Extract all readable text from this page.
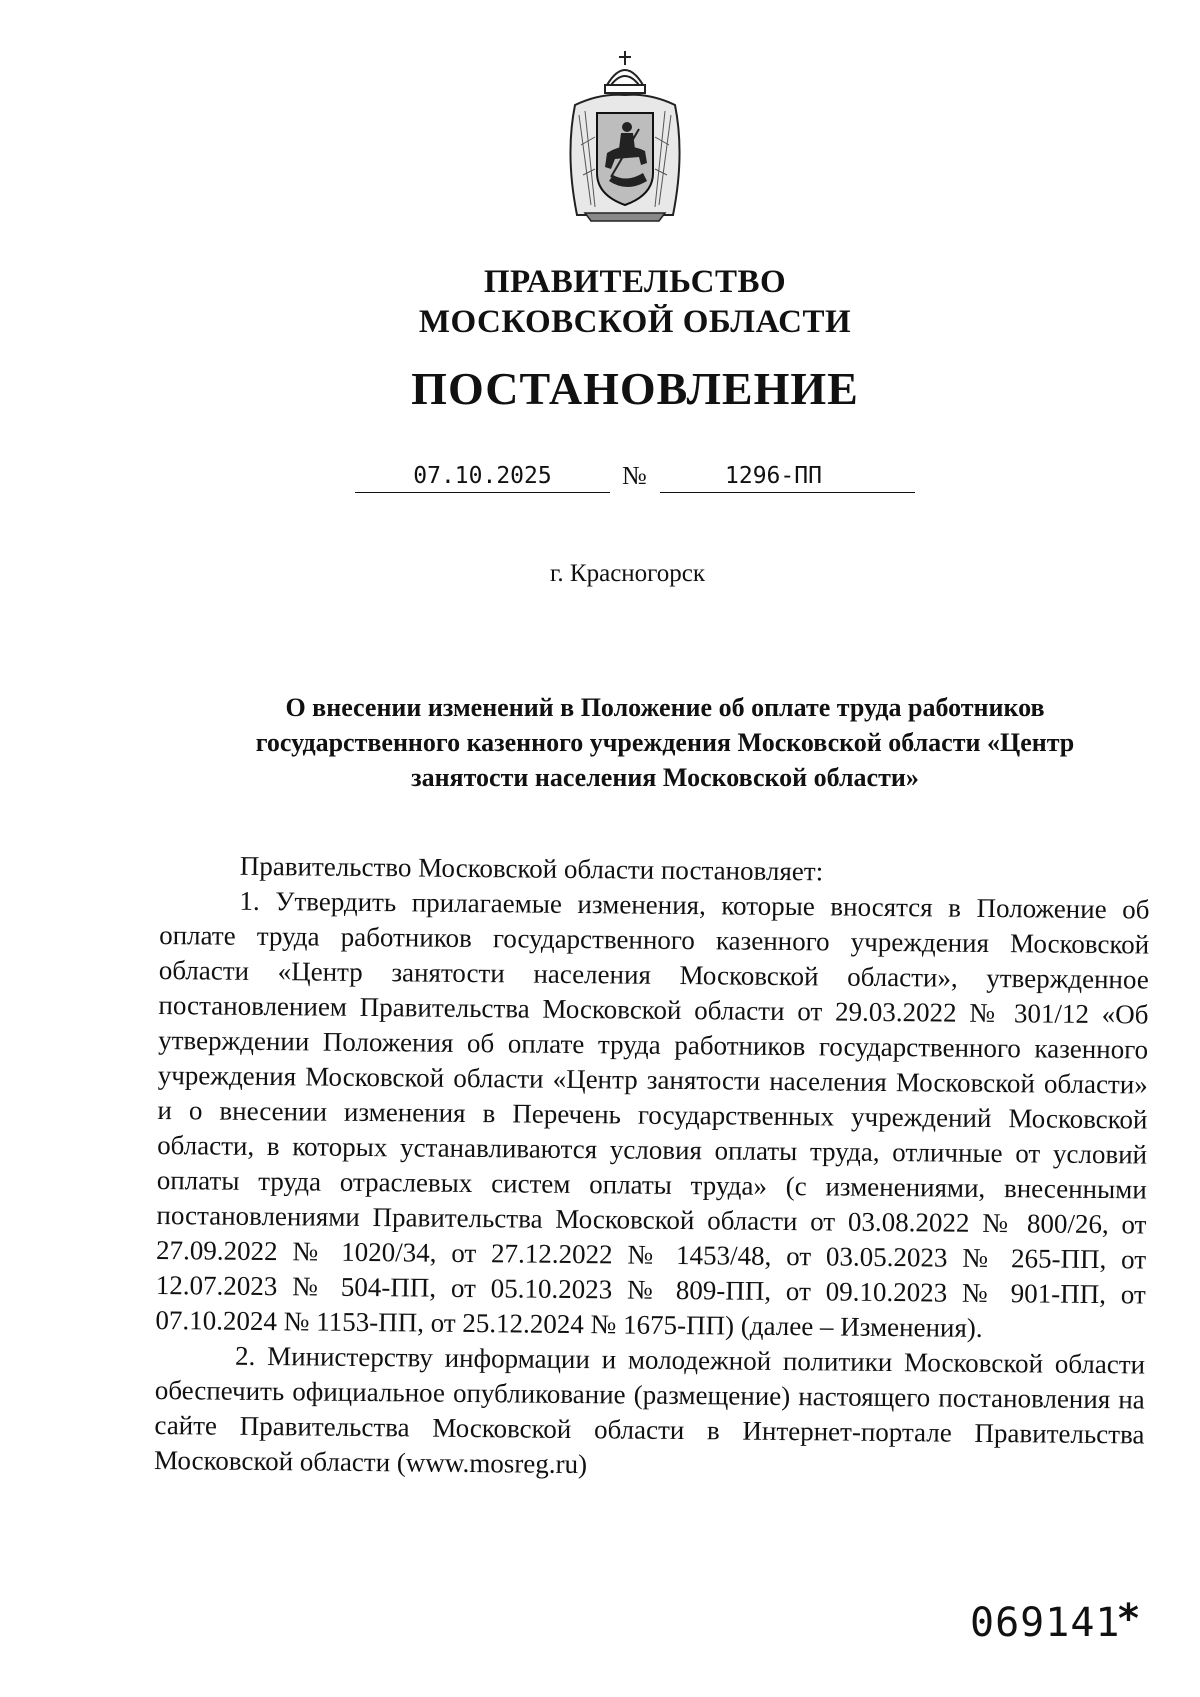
ПРАВИТЕЛЬСТВО
МОСКОВСКОЙ ОБЛАСТИ
ПОСТАНОВЛЕНИЕ
07.10.2025	№	1296-ПП
г. Красногорск
О внесении изменений в Положение об оплате труда работников государственного казенного учреждения Московской области «Центр занятости населения Московской области»

Правительство Московской области постановляет:

1. Утвердить прилагаемые изменения, которые вносятся в Положение об оплате труда работников государственного казенного учреждения Московской области «Центр занятости населения Московской области», утвержденное постановлением Правительства Московской области от 29.03.2022 № 301/12 «Об утверждении Положения об оплате труда работников государственного казенного учреждения Московской области «Центр занятости населения Московской области» и о внесении изменения в Перечень государственных учреждений Московской области, в которых устанавливаются условия оплаты труда, отличные от условий оплаты труда отраслевых систем оплаты труда» (с изменениями, внесенными постановлениями Правительства Московской области от 03.08.2022 № 800/26, от 27.09.2022 № 1020/34, от 27.12.2022 № 1453/48, от 03.05.2023 № 265-ПП, от 12.07.2023 № 504-ПП, от 05.10.2023 № 809-ПП, от 09.10.2023 № 901-ПП, от 07.10.2024 № 1153-ПП, от 25.12.2024 № 1675-ПП) (далее – Изменения).

2. Министерству информации и молодежной политики Московской области обеспечить официальное опубликование (размещение) настоящего постановления на сайте Правительства Московской области в Интернет-портале Правительства Московской области (www.mosreg.ru)

069141
*
